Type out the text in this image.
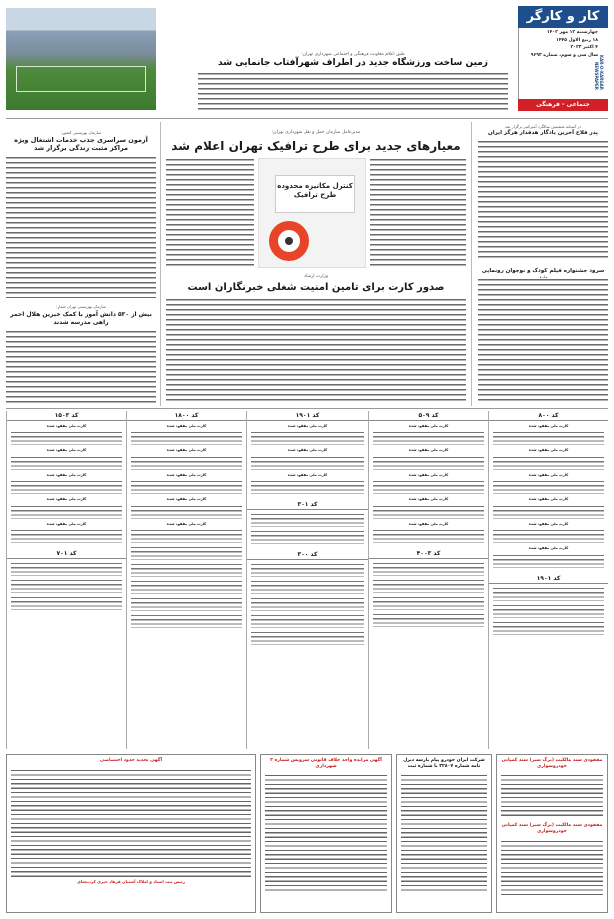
کار و کارگر
چهارشنبه ۱۲ مهر ۱۴۰۲
۱۸ ربیع الاول ۱۴۴۵
۴ اکتبر ۲۰۲۳
سال سی و سوم، شماره ۹۶۹۳ KAR-O-KARGAR NEWSPAPER
جتماعی - فرهنگی
طبق اعلام معاونت فرهنگی و اجتماعی شهرداری تهران:
زمین ساخت ورزشگاه جدید در اطراف شهرآفتاب جانمایی شد
در آستانه ششمین سالگرد آمیرکبیر برگزار شد
پدر فلاح آخرین یادگار هدفدار هرگز ایران
سرود جشنواره فیلم کودک و نوجوان رونمایی
مدیرعامل سازمان حمل و نقل شهرداری تهران:
معیارهای جدید برای طرح ترافیک تهران اعلام شد
کنترل مکانیزه محدوده طرح ترافیک
وزارت ارشاد
صدور کارت برای تامین امنیت شغلی خبرنگاران است
سازمان بهزیستی کشور:
آزمون سراسری جذب خدمات اشتغال ویژه مراکز مثبت زندگی برگزار شد
سازمان بهزیستی تهران شعار:
بیش از ۵۳۰ دانش آموز با کمک خیرین هلال احمر راهی مدرسه شدند
کد ۸۰۰
کارت ملی مفقود شده
کارت ملی مفقود شده
کارت ملی مفقود شده
کارت ملی مفقود شده
کارت ملی مفقود شده
کارت ملی مفقود شده
کد ۱۹۰۱
کد ۵۰۹
کارت ملی مفقود شده
کارت ملی مفقود شده
کارت ملی مفقود شده
کارت ملی مفقود شده
کارت ملی مفقود شده
کد ۴۰۰۳
کد ۱۹۰۱
کارت ملی مفقود شده
کارت ملی مفقود شده
کارت ملی مفقود شده
کد ۳۰۱
کد ۳۰۰
کد ۱۸۰۰
کارت ملی مفقود شده
کارت ملی مفقود شده
کارت ملی مفقود شده
کارت ملی مفقود شده
کارت ملی مفقود شده
کد ۱۵۰۳
کارت ملی مفقود شده
کارت ملی مفقود شده
کارت ملی مفقود شده
کارت ملی مفقود شده
کارت ملی مفقود شده
کد ۷۰۱
مفقودی سند مالکیت (برگ سبز) سند کمپانی خودروسواری
مفقودی سند مالکیت (برگ سبز) سند کمپانی خودروسواری
شرکت ایران خودرو پیام پارسه دیزل نامه شماره ۳۲۸۰۷ با شماره ثبت
آگهی مزایده واحد خلاف قانونی سرویس شماره ۳ شهرداری
آگهی تحدید حدود اختصاصی
رئیس ثبت اسناد و املاک آشتیان فرهاد خیری کردبچه‌ای
